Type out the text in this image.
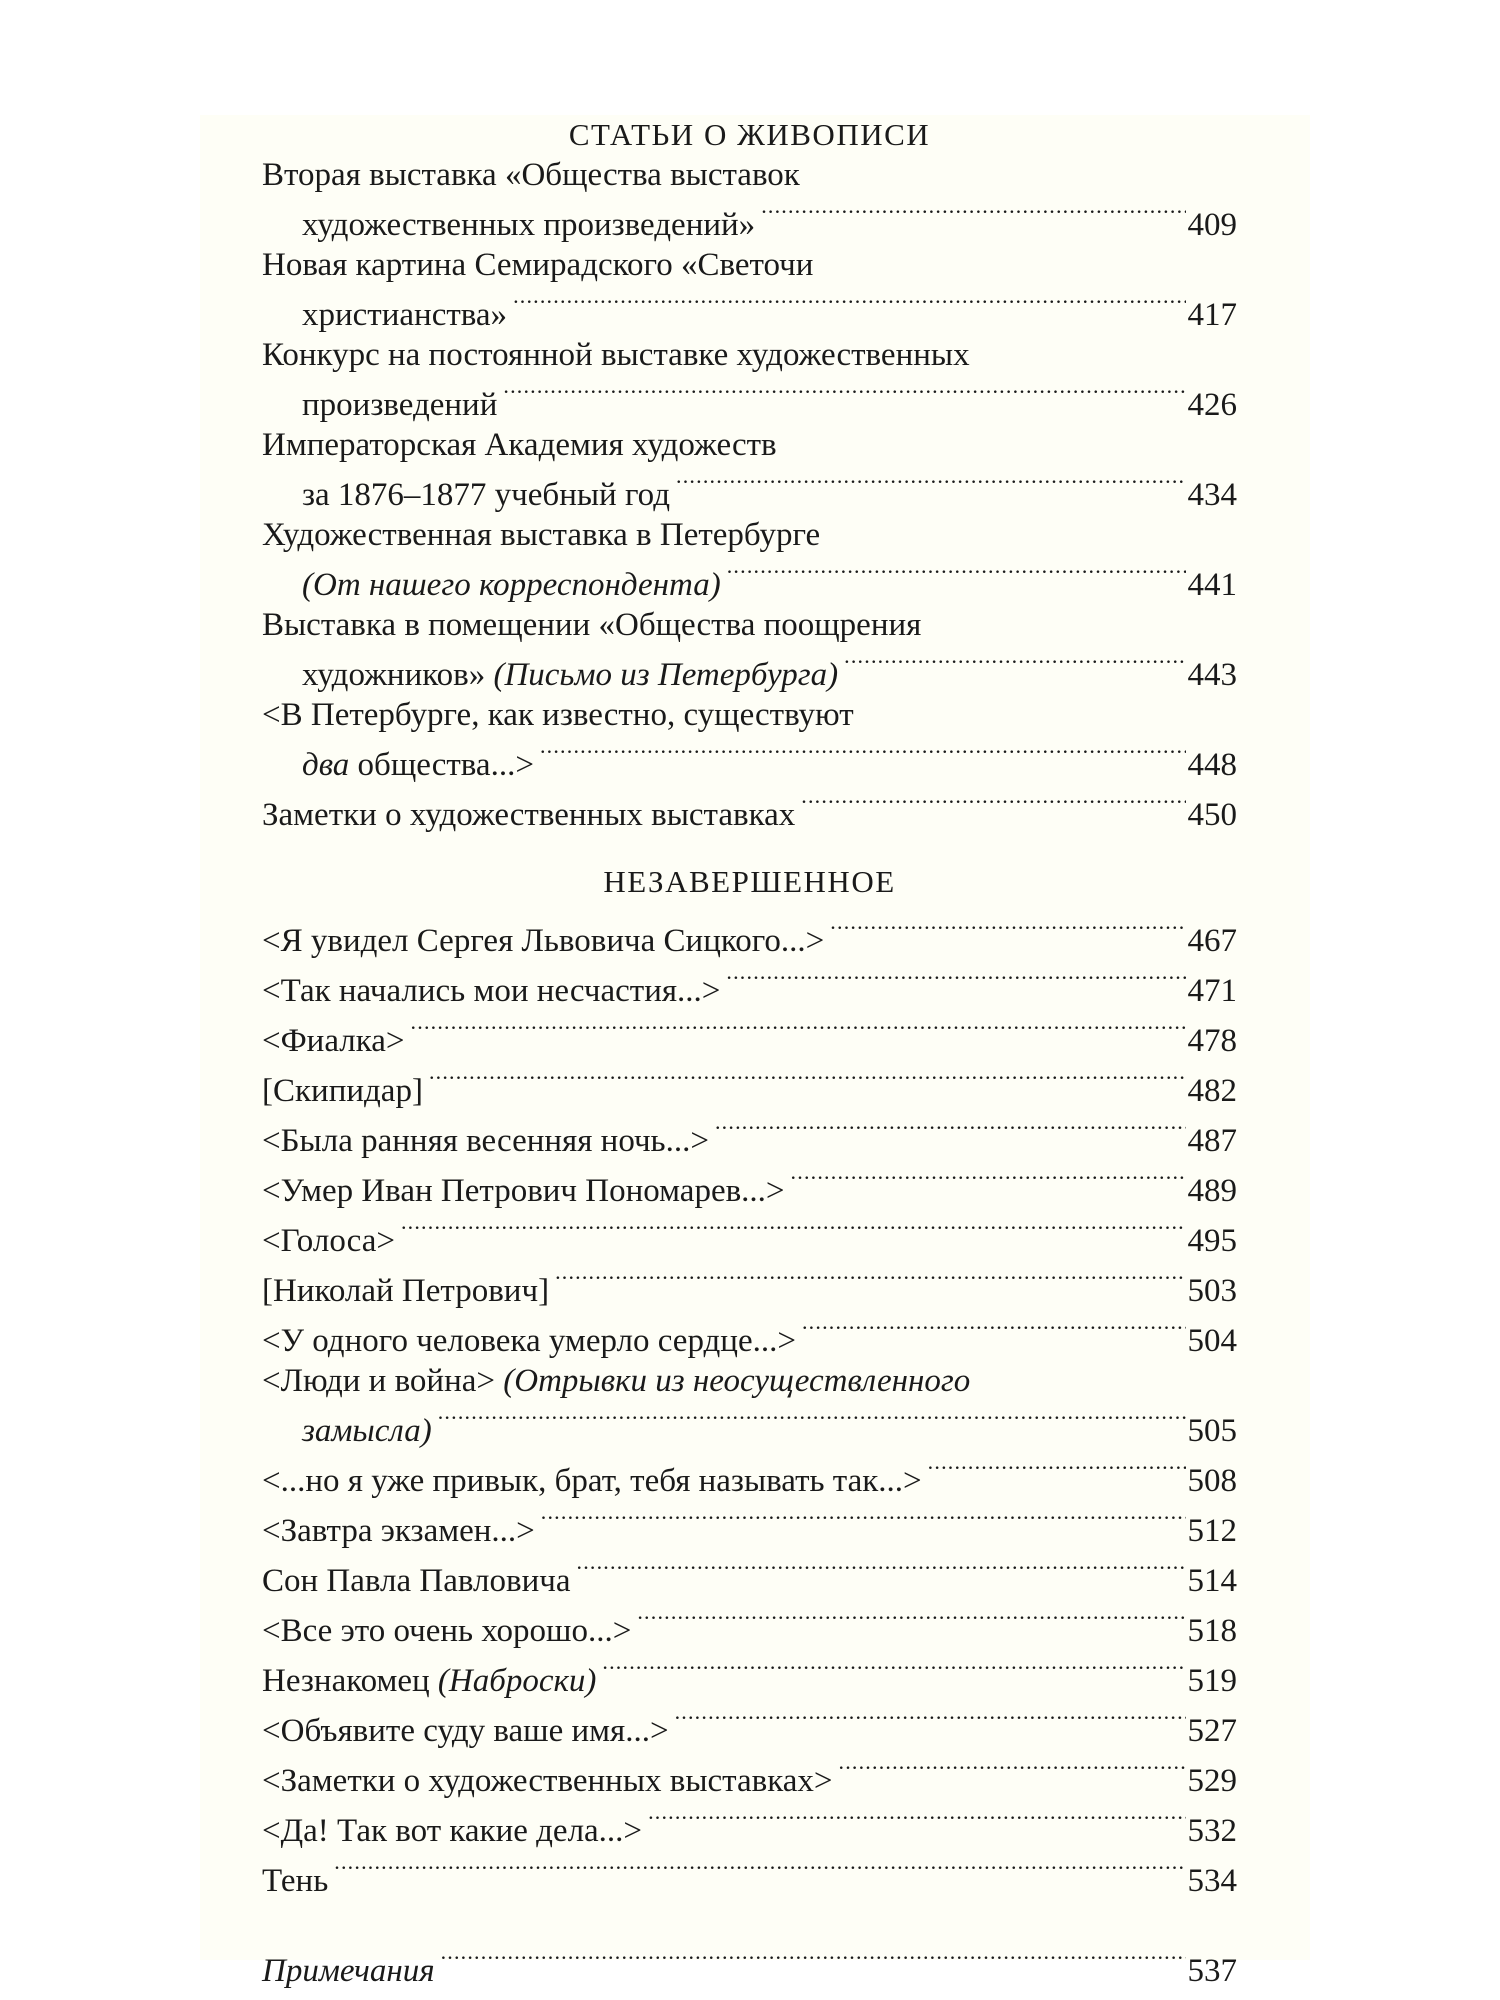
СТАТЬИ О ЖИВОПИСИ
Вторая выставка «Общества выставок
художественных произведений» .....	409
Новая картина Семирадского «Светочи
христианства» .....	417
Конкурс на постоянной выставке художественных
произведений .....	426
Императорская Академия художеств
за 1876–1877 учебный год .....	434
Художественная выставка в Петербурге
(От нашего корреспондента) .....	441
Выставка в помещении «Общества поощрения
художников» (Письмо из Петербурга) .....	443
<В Петербурге, как известно, существуют
два общества...> .....	448
Заметки о художественных выставках .....	450
НЕЗАВЕРШЕННОЕ
<Я увидел Сергея Львовича Сицкого...> .....	467
<Так начались мои несчастия...> .....	471
<Фиалка> .....	478
[Скипидар] .....	482
<Была ранняя весенняя ночь...> .....	487
<Умер Иван Петрович Пономарев...> .....	489
<Голоса> .....	495
[Николай Петрович] .....	503
<У одного человека умерло сердце...> .....	504
<Люди и война> (Отрывки из неосуществленного
замысла) .....	505
<...но я уже привык, брат, тебя называть так...> .....	508
<Завтра экзамен...> .....	512
Сон Павла Павловича .....	514
<Все это очень хорошо...> .....	518
Незнакомец (Наброски) .....	519
<Объявите суду ваше имя...> .....	527
<Заметки о художественных выставках> .....	529
<Да! Так вот какие дела...> .....	532
Тень .....	534
Примечания .....	537
